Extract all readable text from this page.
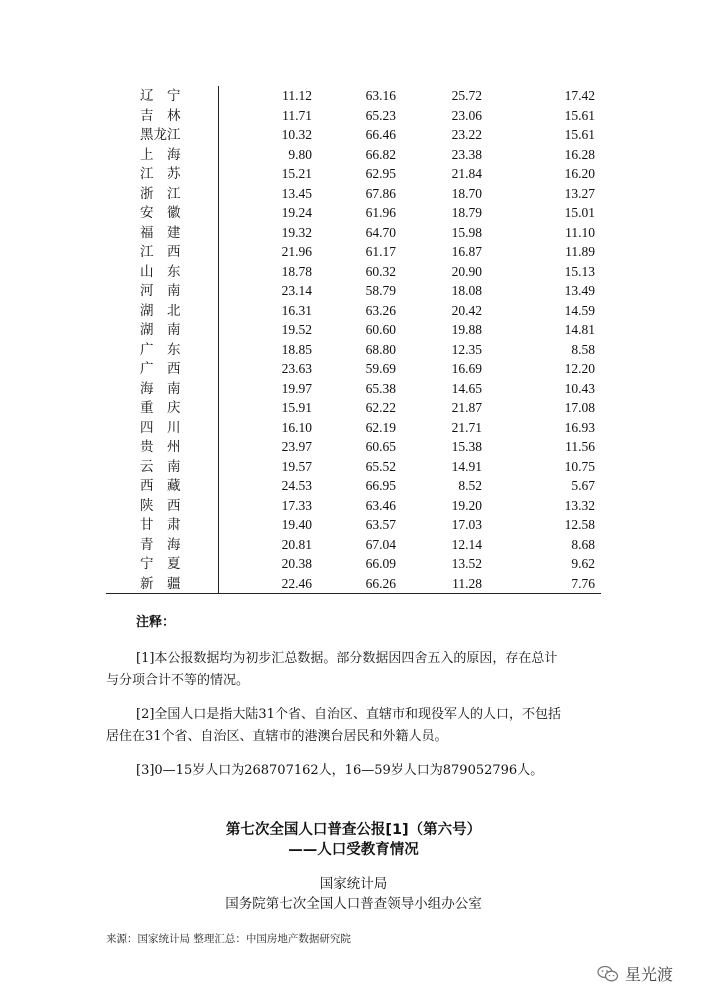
辽　宁	11.12	63.16	25.72	17.42
吉　林	11.71	65.23	23.06	15.61
黑龙江	10.32	66.46	23.22	15.61
上　海	9.80	66.82	23.38	16.28
江　苏	15.21	62.95	21.84	16.20
浙　江	13.45	67.86	18.70	13.27
安　徽	19.24	61.96	18.79	15.01
福　建	19.32	64.70	15.98	11.10
江　西	21.96	61.17	16.87	11.89
山　东	18.78	60.32	20.90	15.13
河　南	23.14	58.79	18.08	13.49
湖　北	16.31	63.26	20.42	14.59
湖　南	19.52	60.60	19.88	14.81
广　东	18.85	68.80	12.35	8.58
广　西	23.63	59.69	16.69	12.20
海　南	19.97	65.38	14.65	10.43
重　庆	15.91	62.22	21.87	17.08
四　川	16.10	62.19	21.71	16.93
贵　州	23.97	60.65	15.38	11.56
云　南	19.57	65.52	14.91	10.75
西　藏	24.53	66.95	8.52	5.67
陕　西	17.33	63.46	19.20	13.32
甘　肃	19.40	63.57	17.03	12.58
青　海	20.81	67.04	12.14	8.68
宁　夏	20.38	66.09	13.52	9.62
新　疆	22.46	66.26	11.28	7.76
注释：
[1]本公报数据均为初步汇总数据。部分数据因四舍五入的原因，存在总计
与分项合计不等的情况。
[2]全国人口是指大陆31个省、自治区、直辖市和现役军人的人口，不包括
居住在31个省、自治区、直辖市的港澳台居民和外籍人员。
[3]0—15岁人口为268707162人，16—59岁人口为879052796人。
第七次全国人口普查公报[1]（第六号）
——人口受教育情况
国家统计局
国务院第七次全国人口普查领导小组办公室
来源：国家统计局 整理汇总：中国房地产数据研究院
星光渡
